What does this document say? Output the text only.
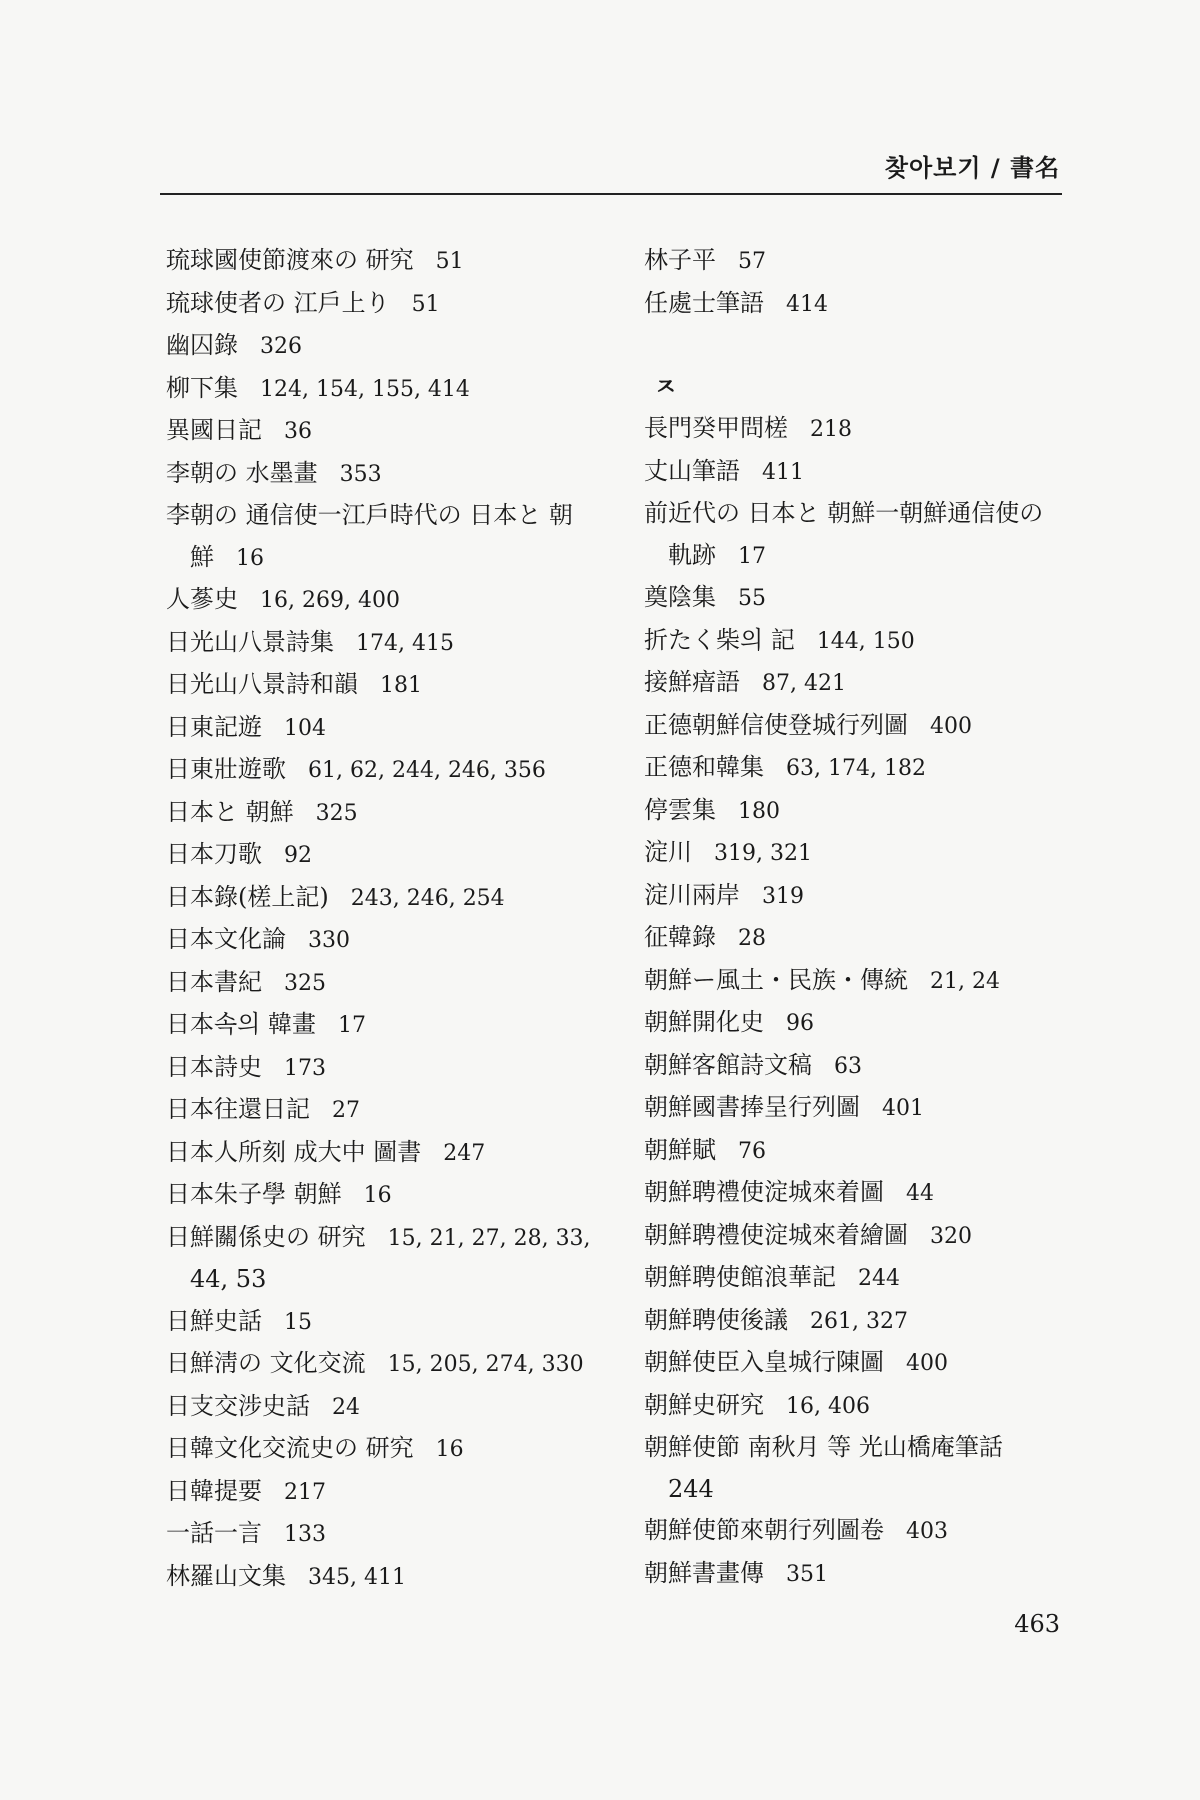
찾아보기 / 書名
琉球國使節渡來の 研究 51
琉球使者の 江戶上り 51
幽囚錄 326
柳下集 124, 154, 155, 414
異國日記 36
李朝の 水墨畫 353
李朝の 通信使一江戶時代の 日本と 朝
鮮 16
人蔘史 16, 269, 400
日光山八景詩集 174, 415
日光山八景詩和韻 181
日東記遊 104
日東壯遊歌 61, 62, 244, 246, 356
日本と 朝鮮 325
日本刀歌 92
日本錄(槎上記) 243, 246, 254
日本文化論 330
日本書紀 325
日本속의 韓畫 17
日本詩史 173
日本往還日記 27
日本人所刻 成大中 圖書 247
日本朱子學 朝鮮 16
日鮮關係史の 研究 15, 21, 27, 28, 33,
44, 53
日鮮史話 15
日鮮淸の 文化交流 15, 205, 274, 330
日支交涉史話 24
日韓文化交流史の 研究 16
日韓提要 217
一話一言 133
林羅山文集 345, 411
林子平 57
任處士筆語 414
ㅈ
長門癸甲問槎 218
丈山筆語 411
前近代の 日本と 朝鮮一朝鮮通信使の
軌跡 17
奠陰集 55
折たく柴의 記 144, 150
接鮮瘖語 87, 421
正德朝鮮信使登城行列圖 400
正德和韓集 63, 174, 182
停雲集 180
淀川 319, 321
淀川兩岸 319
征韓錄 28
朝鮮ー風土・民族・傳統 21, 24
朝鮮開化史 96
朝鮮客館詩文稿 63
朝鮮國書捧呈行列圖 401
朝鮮賦 76
朝鮮聘禮使淀城來着圖 44
朝鮮聘禮使淀城來着繪圖 320
朝鮮聘使館浪華記 244
朝鮮聘使後議 261, 327
朝鮮使臣入皇城行陳圖 400
朝鮮史研究 16, 406
朝鮮使節 南秋月 等 光山橋庵筆話
244
朝鮮使節來朝行列圖卷 403
朝鮮書畫傳 351
463
